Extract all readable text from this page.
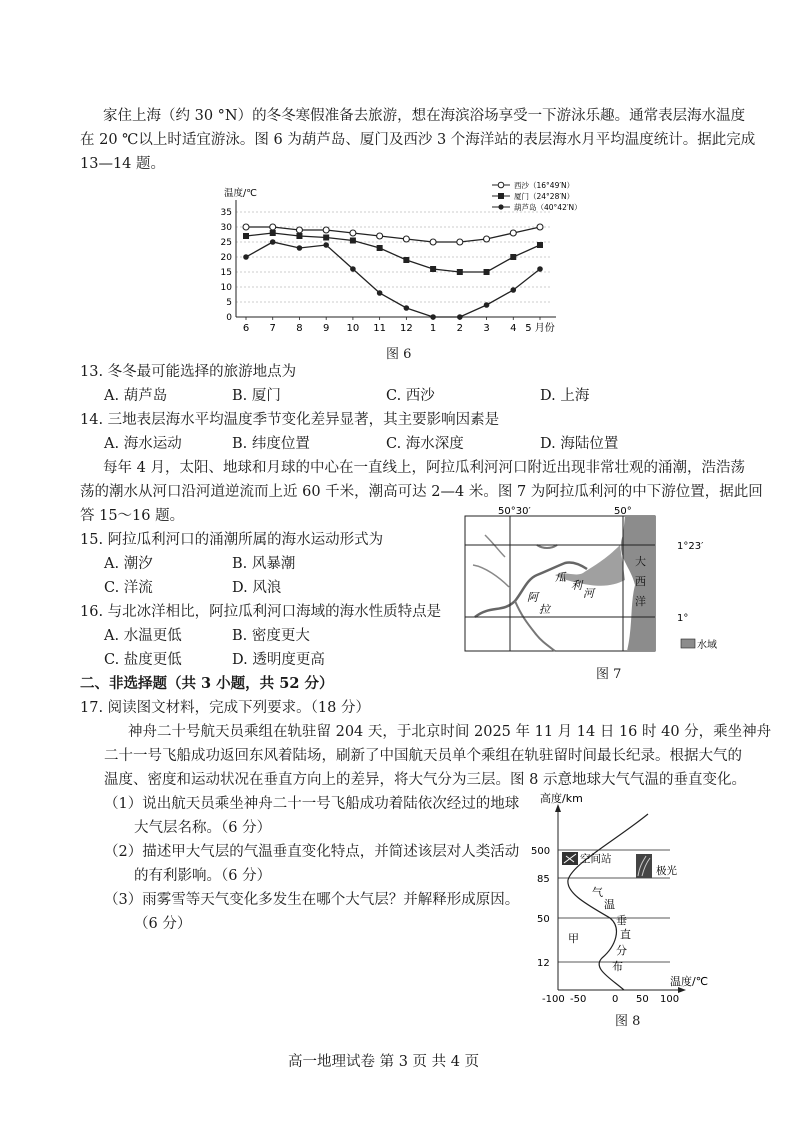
家住上海（约 30 °N）的冬冬寒假准备去旅游，想在海滨浴场享受一下游泳乐趣。通常表层海水温度
在 20 ℃以上时适宜游泳。图 6 为葫芦岛、厦门及西沙 3 个海洋站的表层海水月平均温度统计。据此完成
13—14 题。
0
5
10
15
20
25
30
35
温度/℃
6 7 8 9 10 11 12 1 2 3 4 5 月份
西沙（16°49′N）
厦门（24°28′N）
葫芦岛（40°42′N）
图 6
13. 冬冬最可能选择的旅游地点为
A. 葫芦岛	B. 厦门	C. 西沙	D. 上海
14. 三地表层海水平均温度季节变化差异显著，其主要影响因素是
A. 海水运动	B. 纬度位置	C. 海水深度	D. 海陆位置
每年 4 月，太阳、地球和月球的中心在一直线上，阿拉瓜利河河口附近出现非常壮观的涌潮，浩浩荡
荡的潮水从河口沿河道逆流而上近 60 千米，潮高可达 2—4 米。图 7 为阿拉瓜利河的中下游位置，据此回
答 15～16 题。
15. 阿拉瓜利河口的涌潮所属的海水运动形式为
A. 潮汐	B. 风暴潮
C. 洋流	D. 风浪
16. 与北冰洋相比，阿拉瓜利河口海域的海水性质特点是
A. 水温更低	B. 密度更大
C. 盐度更低	D. 透明度更高
50°30′	50°
1°23′
1°
大
西
洋
阿
拉
瓜
利
河
水域
图 7
二、非选择题（共 3 小题，共 52 分）
17. 阅读图文材料，完成下列要求。（18 分）
神舟二十号航天员乘组在轨驻留 204 天，于北京时间 2025 年 11 月 14 日 16 时 40 分，乘坐神舟
二十一号飞船成功返回东风着陆场，刷新了中国航天员单个乘组在轨驻留时间最长纪录。根据大气的
温度、密度和运动状况在垂直方向上的差异，将大气分为三层。图 8 示意地球大气气温的垂直变化。
（1）说出航天员乘坐神舟二十一号飞船成功着陆依次经过的地球
大气层名称。（6 分）
（2）描述甲大气层的气温垂直变化特点，并简述该层对人类活动
的有利影响。（6 分）
（3）雨雾雪等天气变化多发生在哪个大气层？并解释形成原因。
（6 分）
高度/km
温度/℃
12
50
85
500
-100 -50	0 50 100
空间站
极光
甲
气
温
垂
直
分
布
图 8
高一地理试卷 第 3 页 共 4 页
